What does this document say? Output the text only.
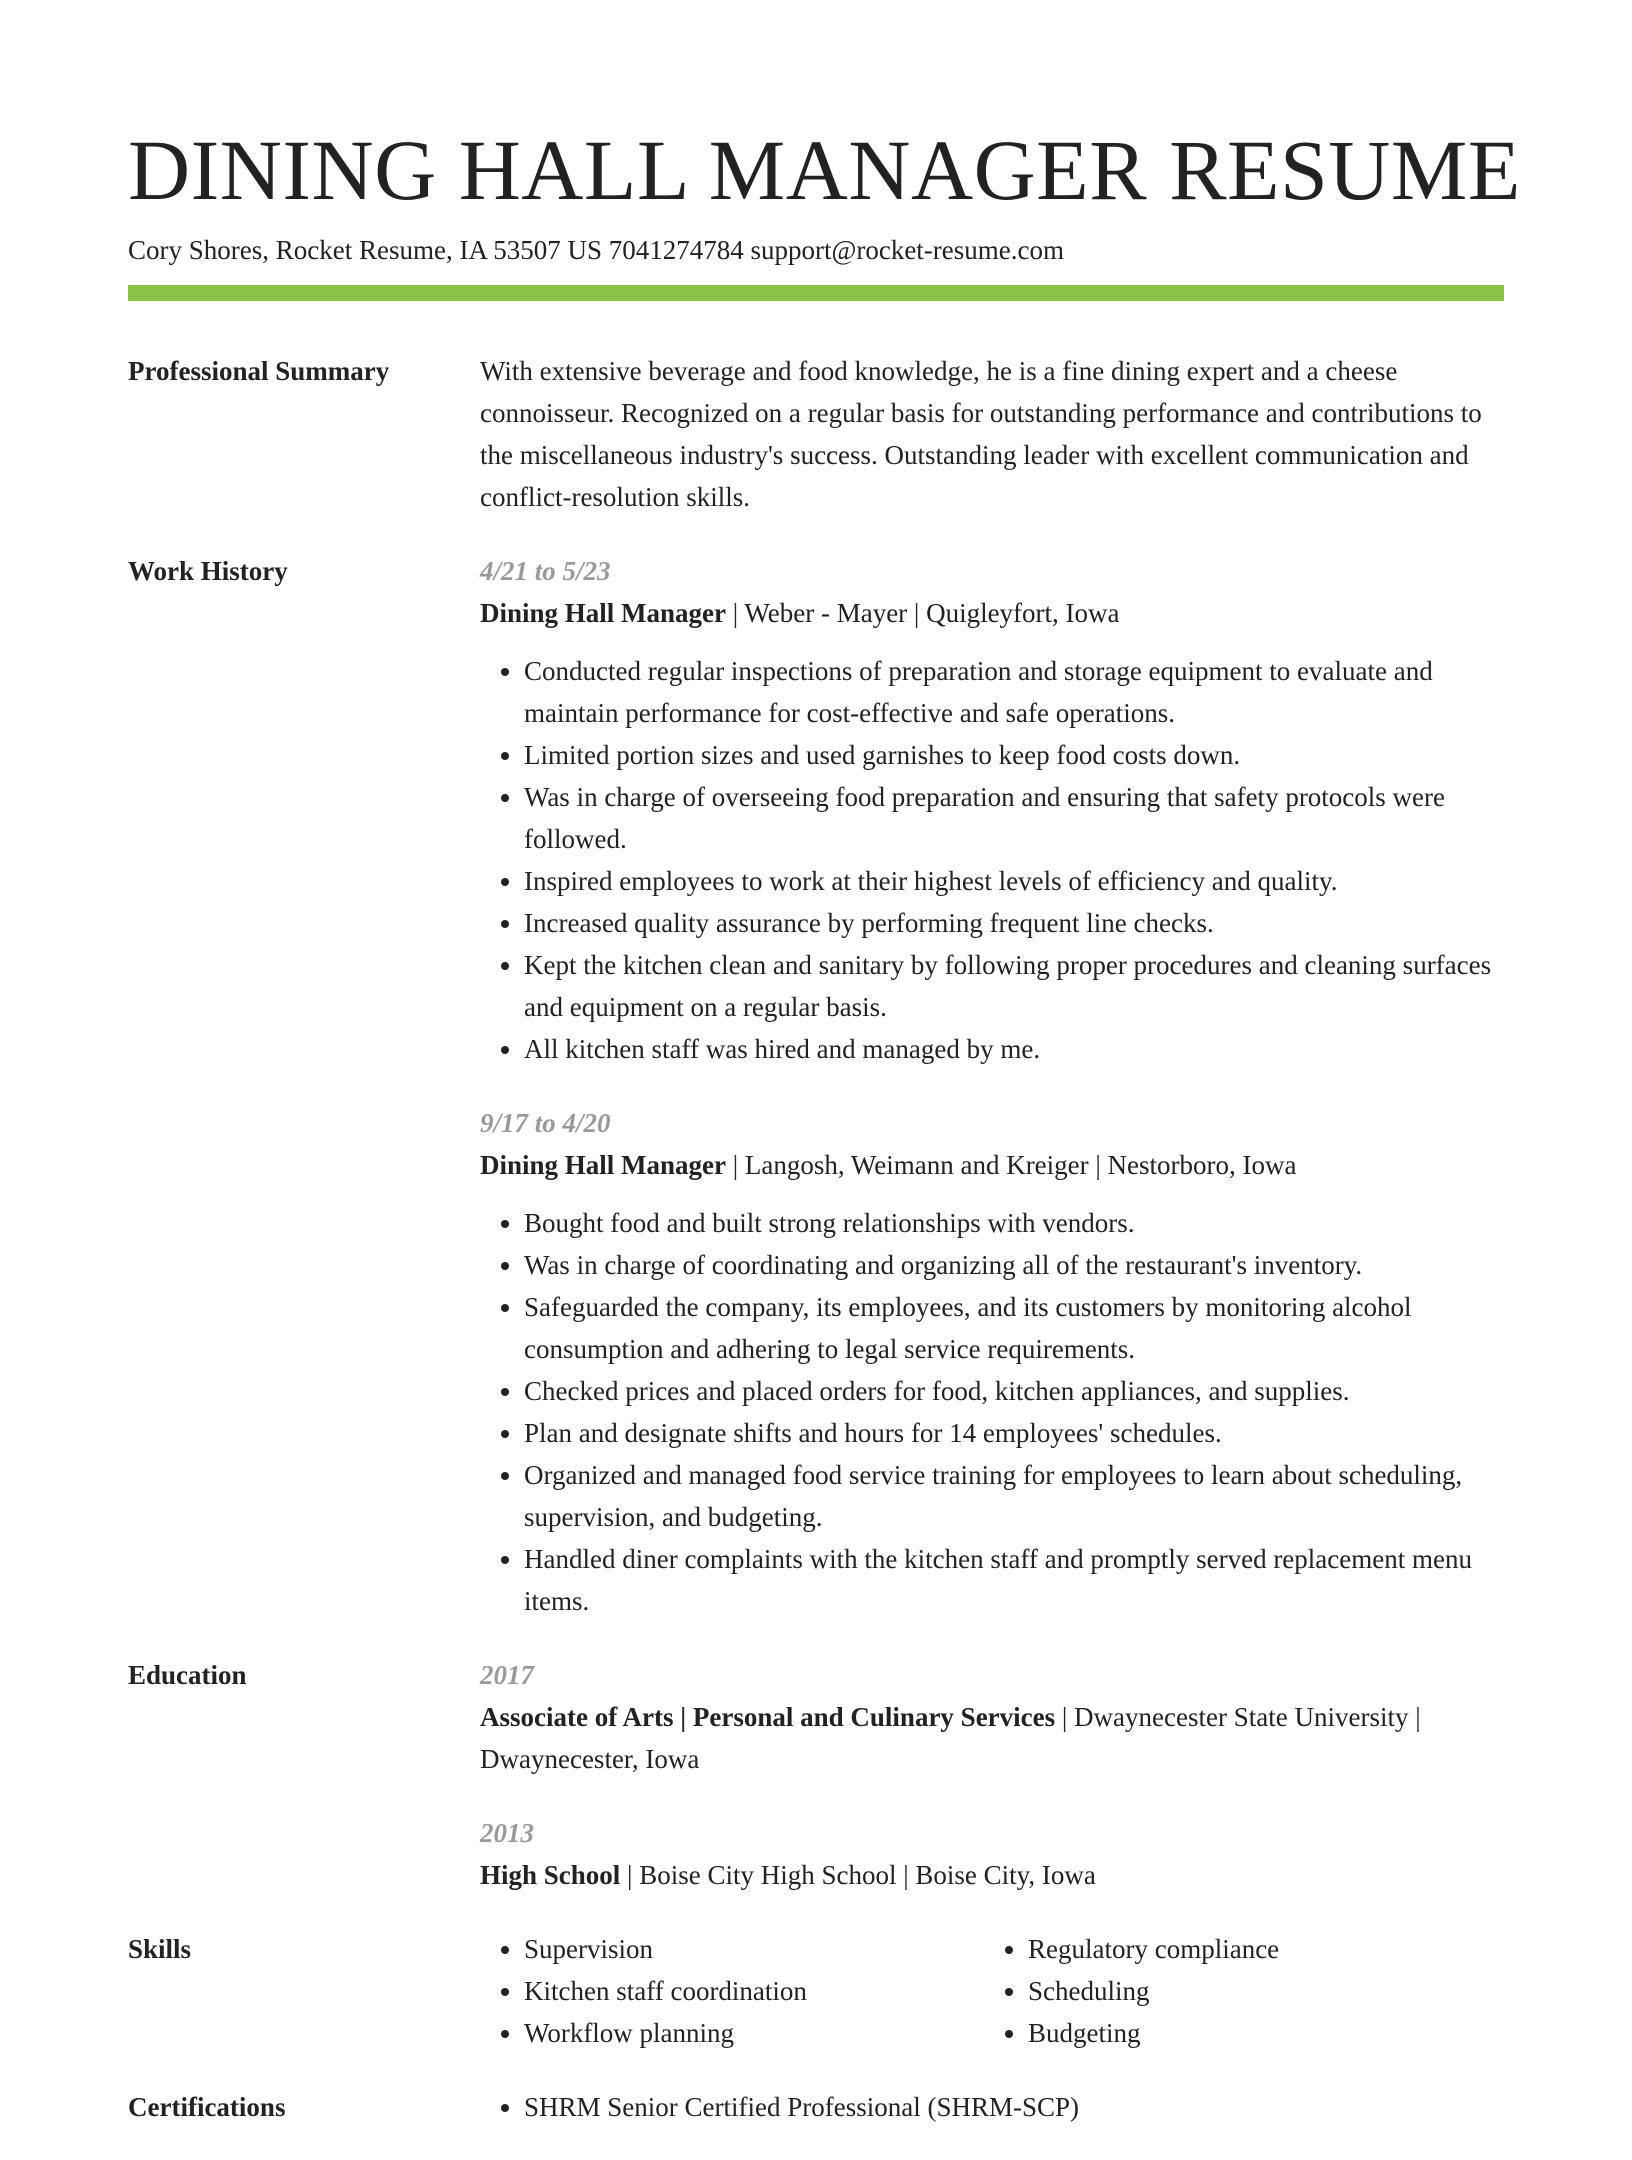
DINING HALL MANAGER RESUME
Cory Shores, Rocket Resume, IA 53507 US 7041274784 support@rocket-resume.com
Professional Summary	With extensive beverage and food knowledge, he is a fine dining expert and a cheese connoisseur. Recognized on a regular basis for outstanding performance and contributions to the miscellaneous industry's success. Outstanding leader with excellent communication and conflict-resolution skills.

Work History	4/21 to 5/23
Dining Hall Manager | Weber - Mayer | Quigleyfort, Iowa
• Conducted regular inspections of preparation and storage equipment to evaluate and maintain performance for cost-effective and safe operations.
• Limited portion sizes and used garnishes to keep food costs down.
• Was in charge of overseeing food preparation and ensuring that safety protocols were followed.
• Inspired employees to work at their highest levels of efficiency and quality.
• Increased quality assurance by performing frequent line checks.
• Kept the kitchen clean and sanitary by following proper procedures and cleaning surfaces and equipment on a regular basis.
• All kitchen staff was hired and managed by me.
9/17 to 4/20
Dining Hall Manager | Langosh, Weimann and Kreiger | Nestorboro, Iowa
• Bought food and built strong relationships with vendors.
• Was in charge of coordinating and organizing all of the restaurant's inventory.
• Safeguarded the company, its employees, and its customers by monitoring alcohol consumption and adhering to legal service requirements.
• Checked prices and placed orders for food, kitchen appliances, and supplies.
• Plan and designate shifts and hours for 14 employees' schedules.
• Organized and managed food service training for employees to learn about scheduling, supervision, and budgeting.
• Handled diner complaints with the kitchen staff and promptly served replacement menu items.
Education	2017
Associate of Arts | Personal and Culinary Services | Dwaynecester State University | Dwaynecester, Iowa
2013
High School | Boise City High School | Boise City, Iowa
Skills	• Supervision
• Kitchen staff coordination
• Workflow planning
• Regulatory compliance
• Scheduling
• Budgeting
Certifications	• SHRM Senior Certified Professional (SHRM-SCP)
